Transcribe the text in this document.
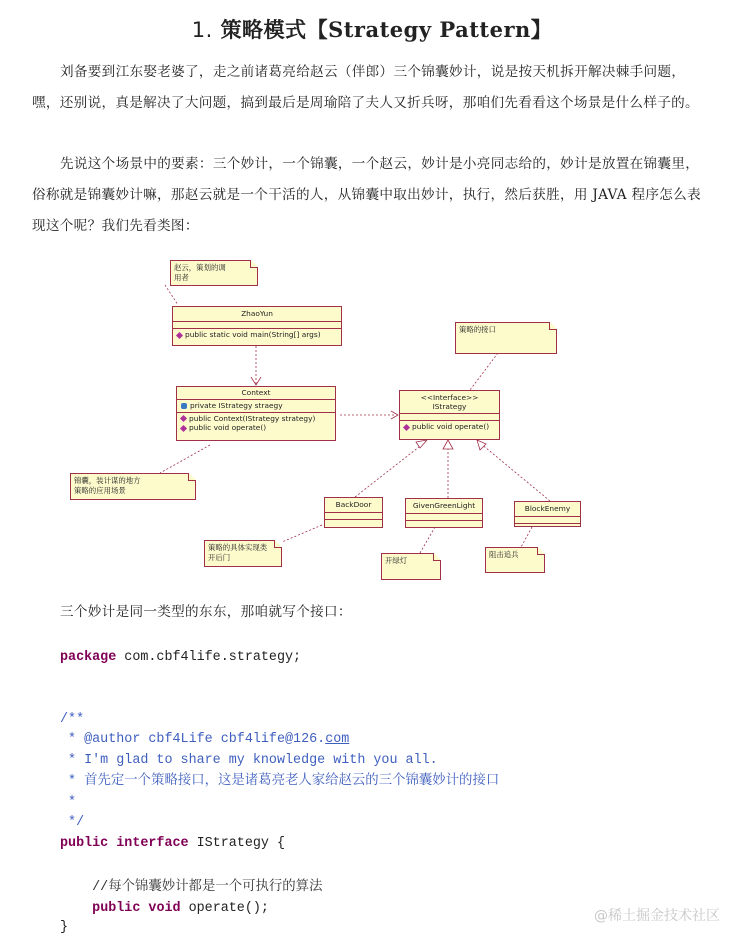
1. 策略模式【Strategy Pattern】
刘备要到江东娶老婆了，走之前诸葛亮给赵云（伴郎）三个锦囊妙计，说是按天机拆开解决棘手问题，嘿，还别说，真是解决了大问题，搞到最后是周瑜陪了夫人又折兵呀，那咱们先看看这个场景是什么样子的。
先说这个场景中的要素：三个妙计，一个锦囊，一个赵云，妙计是小亮同志给的，妙计是放置在锦囊里，俗称就是锦囊妙计嘛，那赵云就是一个干活的人，从锦囊中取出妙计，执行，然后获胜，用 JAVA 程序怎么表现这个呢？我们先看类图：
赵云，策划的调
用者
ZhaoYun
public static void main(String[] args)
策略的接口
Context
private IStrategy straegy
public Context(IStrategy strategy)
public void operate()
<<Interface>>
IStrategy
public void operate()
锦囊，装计谋的地方
策略的应用场景
BackDoor	GivenGreenLight	BlockEnemy
策略的具体实现类
开后门	开绿灯
阻击追兵
三个妙计是同一类型的东东，那咱就写个接口：
package com.cbf4life.strategy;

/**
* @author cbf4Life cbf4life@126.com
* I'm glad to share my knowledge with you all.
* 首先定一个策略接口，这是诸葛亮老人家给赵云的三个锦囊妙计的接口
*
*/
public interface IStrategy {

//每个锦囊妙计都是一个可执行的算法
public void operate();

}
@稀土掘金技术社区
